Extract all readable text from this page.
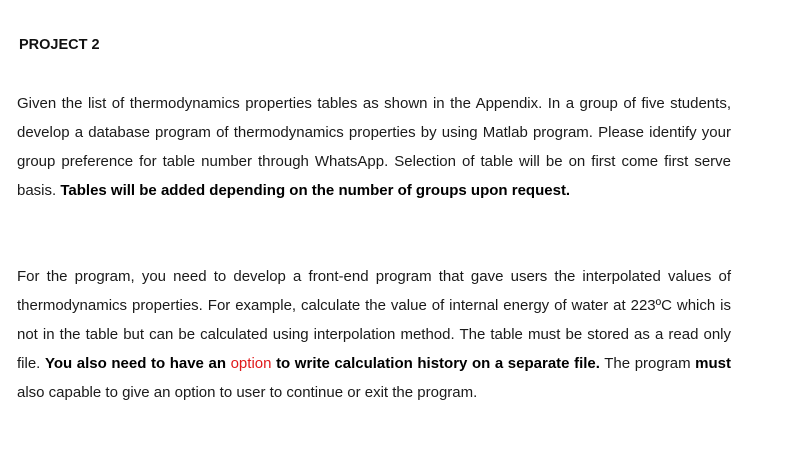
PROJECT 2
Given the list of thermodynamics properties tables as shown in the Appendix. In a group of five students, develop a database program of thermodynamics properties by using Matlab program. Please identify your group preference for table number through WhatsApp. Selection of table will be on first come first serve basis. Tables will be added depending on the number of groups upon request.
For the program, you need to develop a front-end program that gave users the interpolated values of thermodynamics properties. For example, calculate the value of internal energy of water at 223ºC which is not in the table but can be calculated using interpolation method. The table must be stored as a read only file. You also need to have an option to write calculation history on a separate file. The program must also capable to give an option to user to continue or exit the program.
